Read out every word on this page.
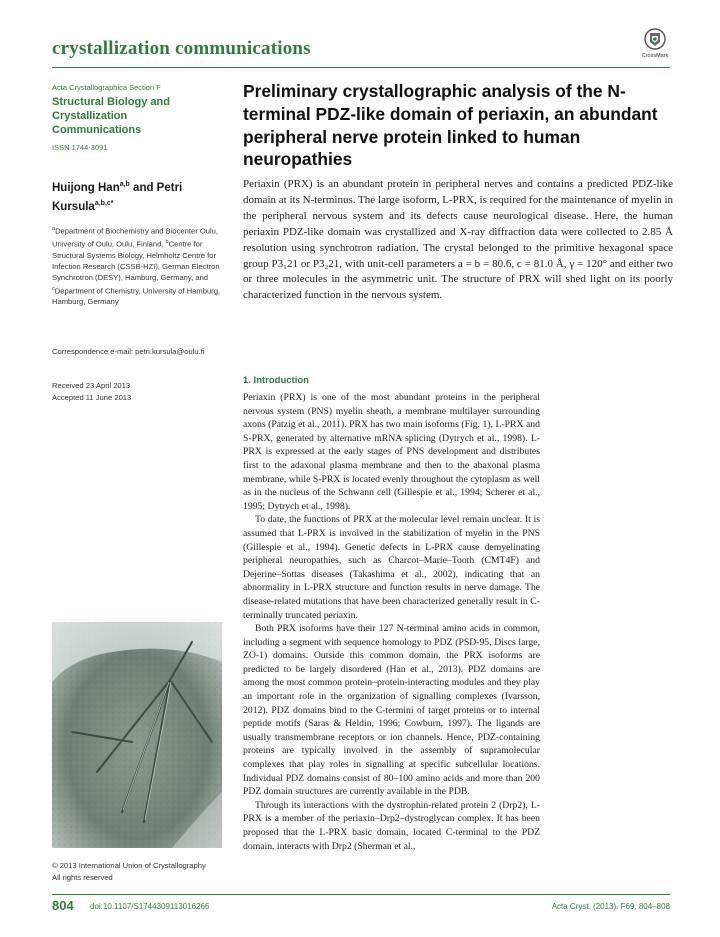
crystallization communications	CrossMark
Acta Crystallographica Section F
Structural Biology and Crystallization Communications
ISSN 1744-3091
Huijong Han$^{a,b}$ and Petri Kursula$^{a,b,c*}$
$^a$Department of Biochemistry and Biocenter Oulu, University of Oulu, Oulu, Finland, $^b$Centre for Structural Systems Biology, Helmholtz Centre for Infection Research (CSSB-HZI), German Electron Synchrotron (DESY), Hamburg, Germany, and $^c$Department of Chemistry, University of Hamburg, Hamburg, Germany
Correspondence e-mail: petri.kursula@oulu.fi
Received 23 April 2013
Accepted 11 June 2013
© 2013 International Union of Crystallography
All rights reserved
Preliminary crystallographic analysis of the N-terminal PDZ-like domain of periaxin, an abundant peripheral nerve protein linked to human neuropathies
Periaxin (PRX) is an abundant protein in peripheral nerves and contains a predicted PDZ-like domain at its N-terminus. The large isoform, L-PRX, is required for the maintenance of myelin in the peripheral nervous system and its defects cause neurological disease. Here, the human periaxin PDZ-like domain was crystallized and X-ray diffraction data were collected to 2.85 Å resolution using synchrotron radiation. The crystal belonged to the primitive hexagonal space group P3₁21 or P3₂21, with unit-cell parameters a = b = 80.6, c = 81.0 Å, γ = 120° and either two or three molecules in the asymmetric unit. The structure of PRX will shed light on its poorly characterized function in the nervous system.
1. Introduction

Periaxin (PRX) is one of the most abundant proteins in the peripheral nervous system (PNS) myelin sheath, a membrane multilayer surrounding axons (Patzig et al., 2011). PRX has two main isoforms (Fig. 1), L-PRX and S-PRX, generated by alternative mRNA splicing (Dytrych et al., 1998). L-PRX is expressed at the early stages of PNS development and distributes first to the adaxonal plasma membrane and then to the abaxonal plasma membrane, while S-PRX is located evenly throughout the cytoplasm as well as in the nucleus of the Schwann cell (Gillespie et al., 1994; Scherer et al., 1995; Dytrych et al., 1998).

To date, the functions of PRX at the molecular level remain unclear. It is assumed that L-PRX is involved in the stabilization of myelin in the PNS (Gillespie et al., 1994). Genetic defects in L-PRX cause demyelinating peripheral neuropathies, such as Charcot–Marie–Tooth (CMT4F) and Dejerine–Sottas diseases (Takashima et al., 2002), indicating that an abnormality in L-PRX structure and function results in nerve damage. The disease-related mutations that have been characterized generally result in C-terminally truncated periaxin.

Both PRX isoforms have their 127 N-terminal amino acids in common, including a segment with sequence homology to PDZ (PSD-95, Discs large, ZO-1) domains. Outside this common domain, the PRX isoforms are predicted to be largely disordered (Han et al., 2013). PDZ domains are among the most common protein–protein-interacting modules and they play an important role in the organization of signalling complexes (Ivarsson, 2012). PDZ domains bind to the C-termini of target proteins or to internal peptide motifs (Saras & Heldin, 1996; Cowburn, 1997). The ligands are usually transmembrane receptors or ion channels. Hence, PDZ-containing proteins are typically involved in the assembly of supramolecular complexes that play roles in signalling at specific subcellular locations. Individual PDZ domains consist of 80–100 amino acids and more than 200 PDZ domain structures are currently available in the PDB.

Through its interactions with the dystrophin-related protein 2 (Drp2), L-PRX is a member of the periaxin–Drp2–dystroglycan complex. It has been proposed that the L-PRX basic domain, located C-terminal to the PDZ domain, interacts with Drp2 (Sherman et al.,

804 doi:10.1107/S1744309113016266	Acta Cryst. (2013). F69, 804–808
